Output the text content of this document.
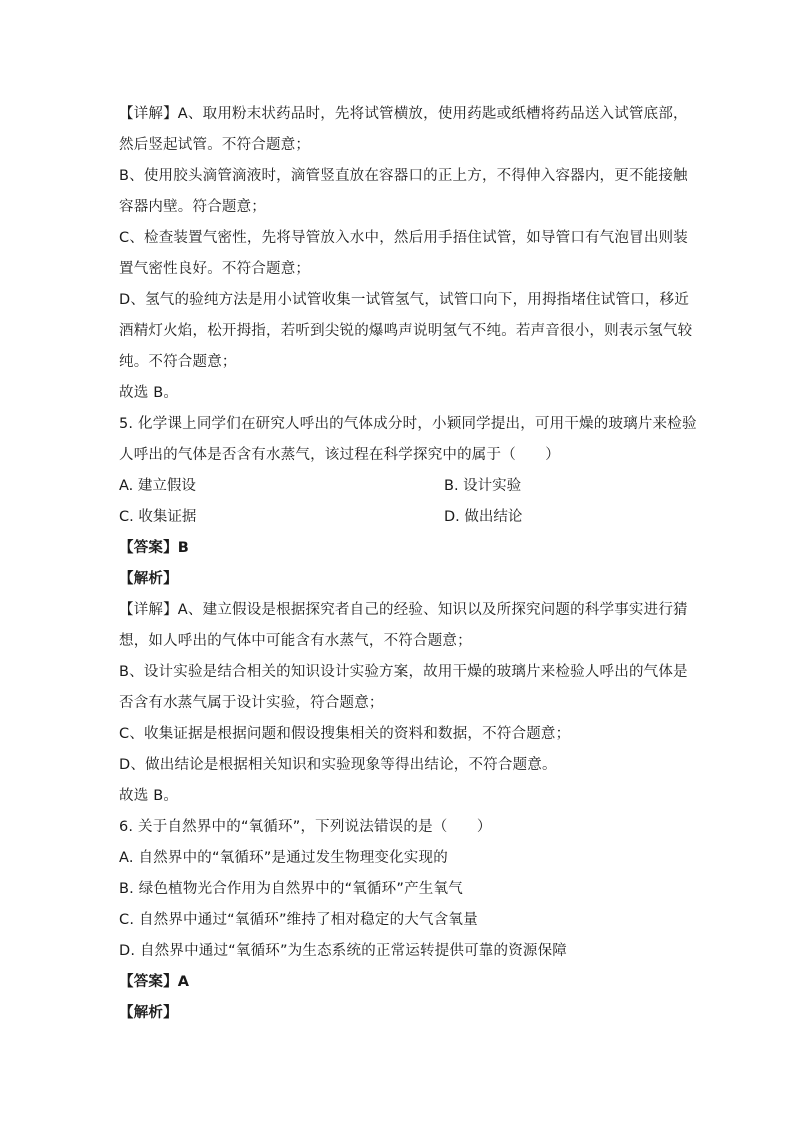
【详解】A、取用粉末状药品时，先将试管横放，使用药匙或纸槽将药品送入试管底部，
然后竖起试管。不符合题意；
B、使用胶头滴管滴液时，滴管竖直放在容器口的正上方，不得伸入容器内，更不能接触
容器内壁。符合题意；
C、检查装置气密性，先将导管放入水中，然后用手捂住试管，如导管口有气泡冒出则装
置气密性良好。不符合题意；
D、氢气的验纯方法是用小试管收集一试管氢气，试管口向下，用拇指堵住试管口，移近
酒精灯火焰，松开拇指，若听到尖锐的爆鸣声说明氢气不纯。若声音很小，则表示氢气较
纯。不符合题意；
故选 B。
5. 化学课上同学们在研究人呼出的气体成分时，小颖同学提出，可用干燥的玻璃片来检验
人呼出的气体是否含有水蒸气，该过程在科学探究中的属于（　　）
A. 建立假设	B. 设计实验
C. 收集证据	D. 做出结论
【答案】B
【解析】
【详解】A、建立假设是根据探究者自己的经验、知识以及所探究问题的科学事实进行猜
想，如人呼出的气体中可能含有水蒸气，不符合题意；
B、设计实验是结合相关的知识设计实验方案，故用干燥的玻璃片来检验人呼出的气体是
否含有水蒸气属于设计实验，符合题意；
C、收集证据是根据问题和假设搜集相关的资料和数据，不符合题意；
D、做出结论是根据相关知识和实验现象等得出结论，不符合题意。
故选 B。
6. 关于自然界中的“氧循环”，下列说法错误的是（　　）
A. 自然界中的“氧循环”是通过发生物理变化实现的
B. 绿色植物光合作用为自然界中的“氧循环”产生氧气
C. 自然界中通过“氧循环”维持了相对稳定的大气含氧量
D. 自然界中通过“氧循环”为生态系统的正常运转提供可靠的资源保障
【答案】A
【解析】
